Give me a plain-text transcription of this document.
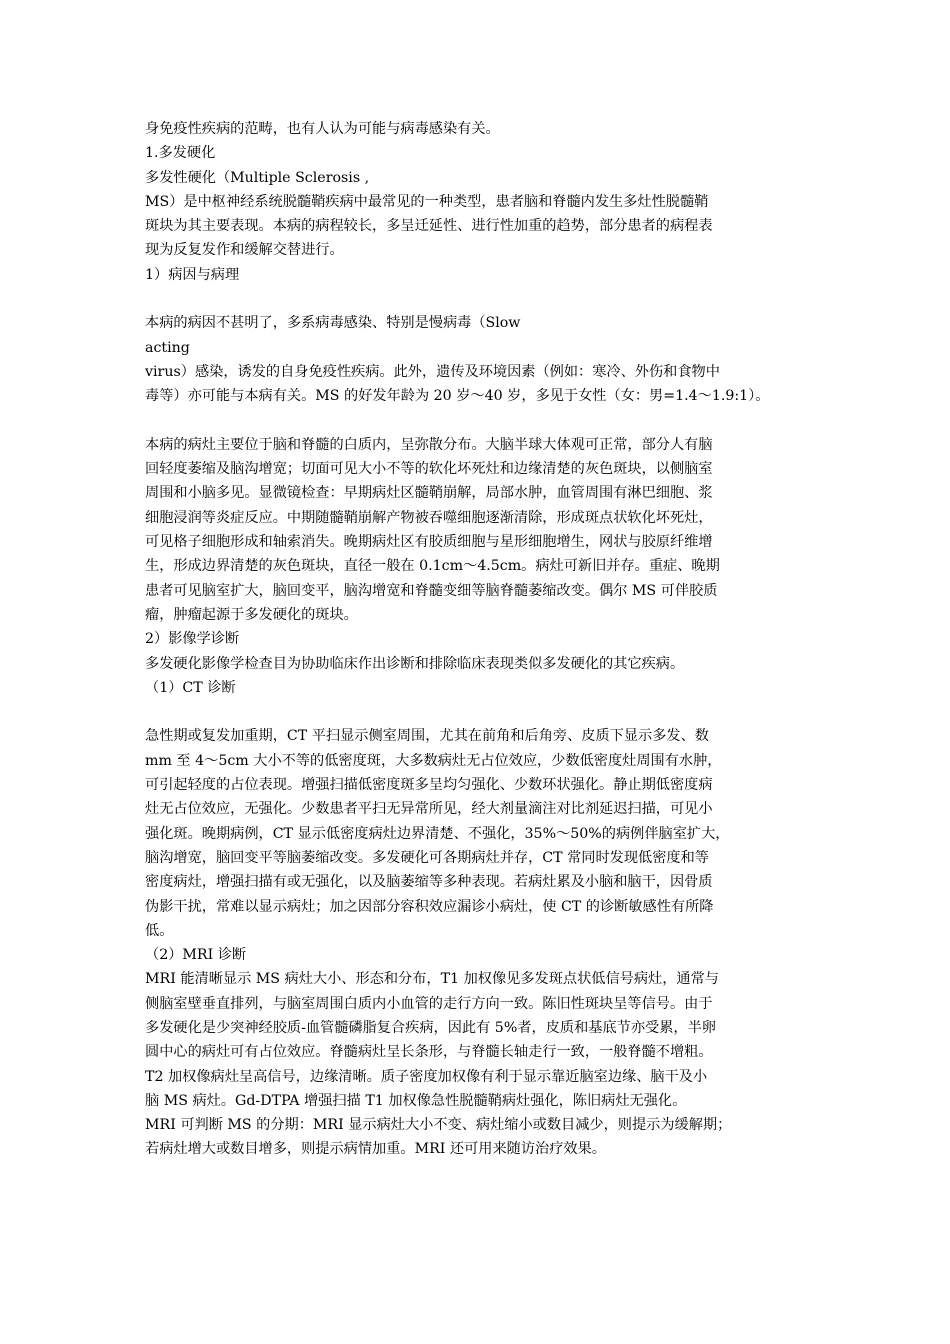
身免疫性疾病的范畴，也有人认为可能与病毒感染有关。
1.多发硬化
多发性硬化（Multiple Sclerosis ,
MS）是中枢神经系统脱髓鞘疾病中最常见的一种类型，患者脑和脊髓内发生多灶性脱髓鞘
斑块为其主要表现。本病的病程较长，多呈迁延性、进行性加重的趋势，部分患者的病程表
现为反复发作和缓解交替进行。
1）病因与病理
本病的病因不甚明了，多系病毒感染、特别是慢病毒（Slow
acting
virus）感染，诱发的自身免疫性疾病。此外，遗传及环境因素（例如：寒冷、外伤和食物中
毒等）亦可能与本病有关。MS 的好发年龄为 20 岁～40 岁，多见于女性（女：男=1.4～1.9:1）。
本病的病灶主要位于脑和脊髓的白质内，呈弥散分布。大脑半球大体观可正常，部分人有脑
回轻度萎缩及脑沟增宽；切面可见大小不等的软化坏死灶和边缘清楚的灰色斑块，以侧脑室
周围和小脑多见。显微镜检查：早期病灶区髓鞘崩解，局部水肿，血管周围有淋巴细胞、浆
细胞浸润等炎症反应。中期随髓鞘崩解产物被吞噬细胞逐渐清除，形成斑点状软化坏死灶，
可见格子细胞形成和轴索消失。晚期病灶区有胶质细胞与星形细胞增生，网状与胶原纤维增
生，形成边界清楚的灰色斑块，直径一般在 0.1cm～4.5cm。病灶可新旧并存。重症、晚期
患者可见脑室扩大，脑回变平，脑沟增宽和脊髓变细等脑脊髓萎缩改变。偶尔 MS 可伴胶质
瘤，肿瘤起源于多发硬化的斑块。
2）影像学诊断
多发硬化影像学检查目为协助临床作出诊断和排除临床表现类似多发硬化的其它疾病。
（1）CT 诊断
急性期或复发加重期，CT 平扫显示侧室周围，尤其在前角和后角旁、皮质下显示多发、数
mm 至 4～5cm 大小不等的低密度斑，大多数病灶无占位效应，少数低密度灶周围有水肿，
可引起轻度的占位表现。增强扫描低密度斑多呈均匀强化、少数环状强化。静止期低密度病
灶无占位效应，无强化。少数患者平扫无异常所见，经大剂量滴注对比剂延迟扫描，可见小
强化斑。晚期病例，CT 显示低密度病灶边界清楚、不强化，35%～50%的病例伴脑室扩大，
脑沟增宽，脑回变平等脑萎缩改变。多发硬化可各期病灶并存，CT 常同时发现低密度和等
密度病灶，增强扫描有或无强化，以及脑萎缩等多种表现。若病灶累及小脑和脑干，因骨质
伪影干扰，常难以显示病灶；加之因部分容积效应漏诊小病灶，使 CT 的诊断敏感性有所降
低。
（2）MRI 诊断
MRI 能清晰显示 MS 病灶大小、形态和分布，T1 加权像见多发斑点状低信号病灶，通常与
侧脑室壁垂直排列，与脑室周围白质内小血管的走行方向一致。陈旧性斑块呈等信号。由于
多发硬化是少突神经胶质-血管髓磷脂复合疾病，因此有 5%者，皮质和基底节亦受累，半卵
圆中心的病灶可有占位效应。脊髓病灶呈长条形，与脊髓长轴走行一致，一般脊髓不增粗。
T2 加权像病灶呈高信号，边缘清晰。质子密度加权像有利于显示靠近脑室边缘、脑干及小
脑 MS 病灶。Gd-DTPA 增强扫描 T1 加权像急性脱髓鞘病灶强化，陈旧病灶无强化。
MRI 可判断 MS 的分期：MRI 显示病灶大小不变、病灶缩小或数目减少，则提示为缓解期；
若病灶增大或数目增多，则提示病情加重。MRI 还可用来随访治疗效果。
